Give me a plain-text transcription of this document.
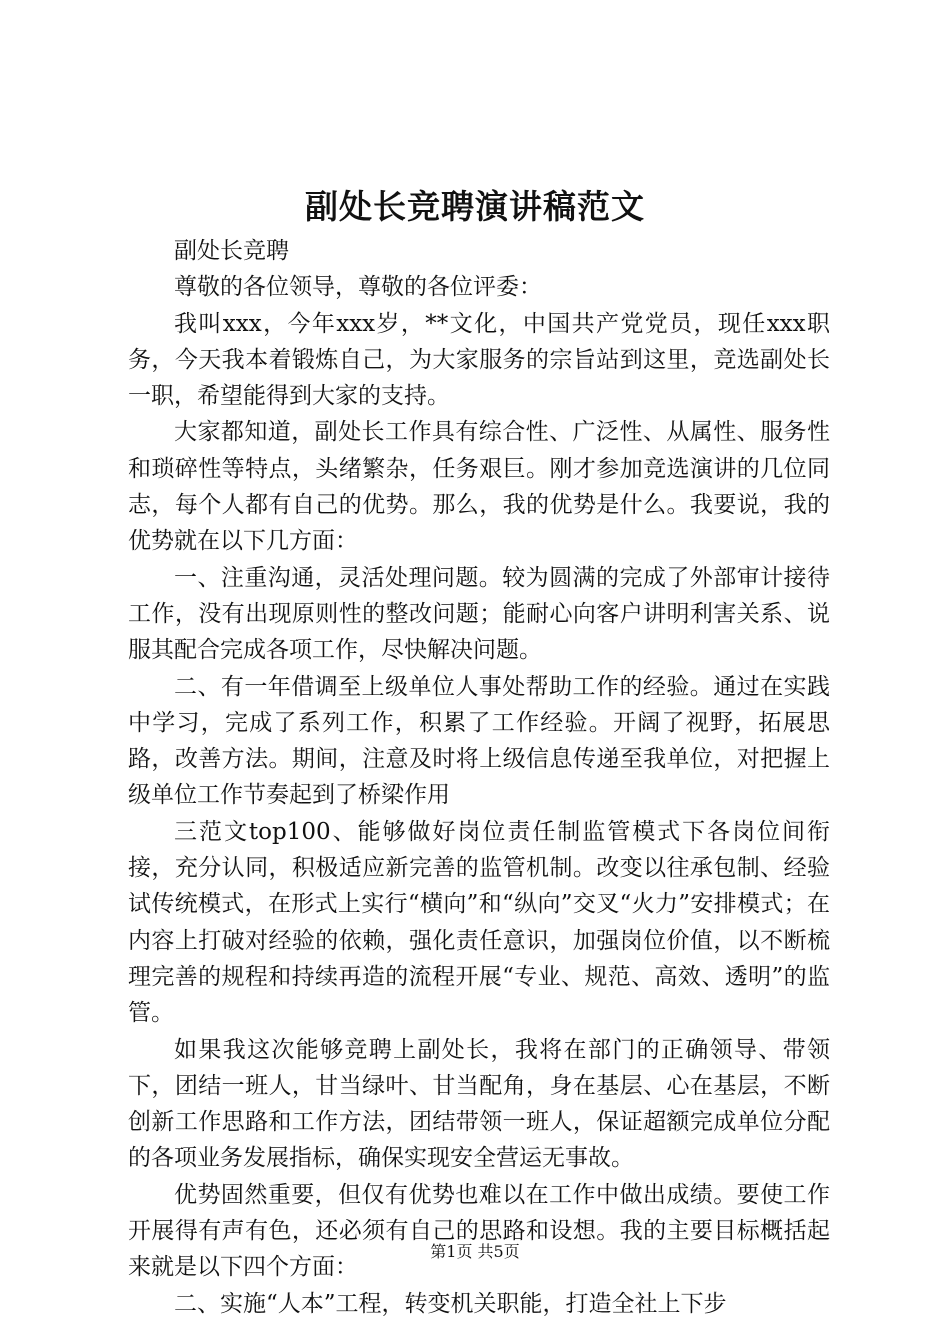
副处长竞聘演讲稿范文

副处长竞聘

尊敬的各位领导，尊敬的各位评委：

我叫xxx，今年xxx岁，**文化，中国共产党党员，现任xxx职务，今天我本着锻炼自己，为大家服务的宗旨站到这里，竞选副处长一职，希望能得到大家的支持。

大家都知道，副处长工作具有综合性、广泛性、从属性、服务性和琐碎性等特点，头绪繁杂，任务艰巨。刚才参加竞选演讲的几位同志，每个人都有自己的优势。那么，我的优势是什么。我要说，我的优势就在以下几方面：

一、注重沟通，灵活处理问题。较为圆满的完成了外部审计接待工作，没有出现原则性的整改问题；能耐心向客户讲明利害关系、说服其配合完成各项工作，尽快解决问题。

二、有一年借调至上级单位人事处帮助工作的经验。通过在实践中学习，完成了系列工作，积累了工作经验。开阔了视野，拓展思路，改善方法。期间，注意及时将上级信息传递至我单位，对把握上级单位工作节奏起到了桥梁作用

三范文top100、能够做好岗位责任制监管模式下各岗位间衔接，充分认同，积极适应新完善的监管机制。改变以往承包制、经验试传统模式，在形式上实行“横向”和“纵向”交叉“火力”安排模式；在内容上打破对经验的依赖，强化责任意识，加强岗位价值，以不断梳理完善的规程和持续再造的流程开展“专业、规范、高效、透明”的监管。

如果我这次能够竞聘上副处长，我将在部门的正确领导、带领下，团结一班人，甘当绿叶、甘当配角，身在基层、心在基层，不断创新工作思路和工作方法，团结带领一班人，保证超额完成单位分配的各项业务发展指标，确保实现安全营运无事故。

优势固然重要，但仅有优势也难以在工作中做出成绩。要使工作开展得有声有色，还必须有自己的思路和设想。我的主要目标概括起来就是以下四个方面：

二、实施“人本”工程，转变机关职能，打造全社上下步

第1页 共5页
